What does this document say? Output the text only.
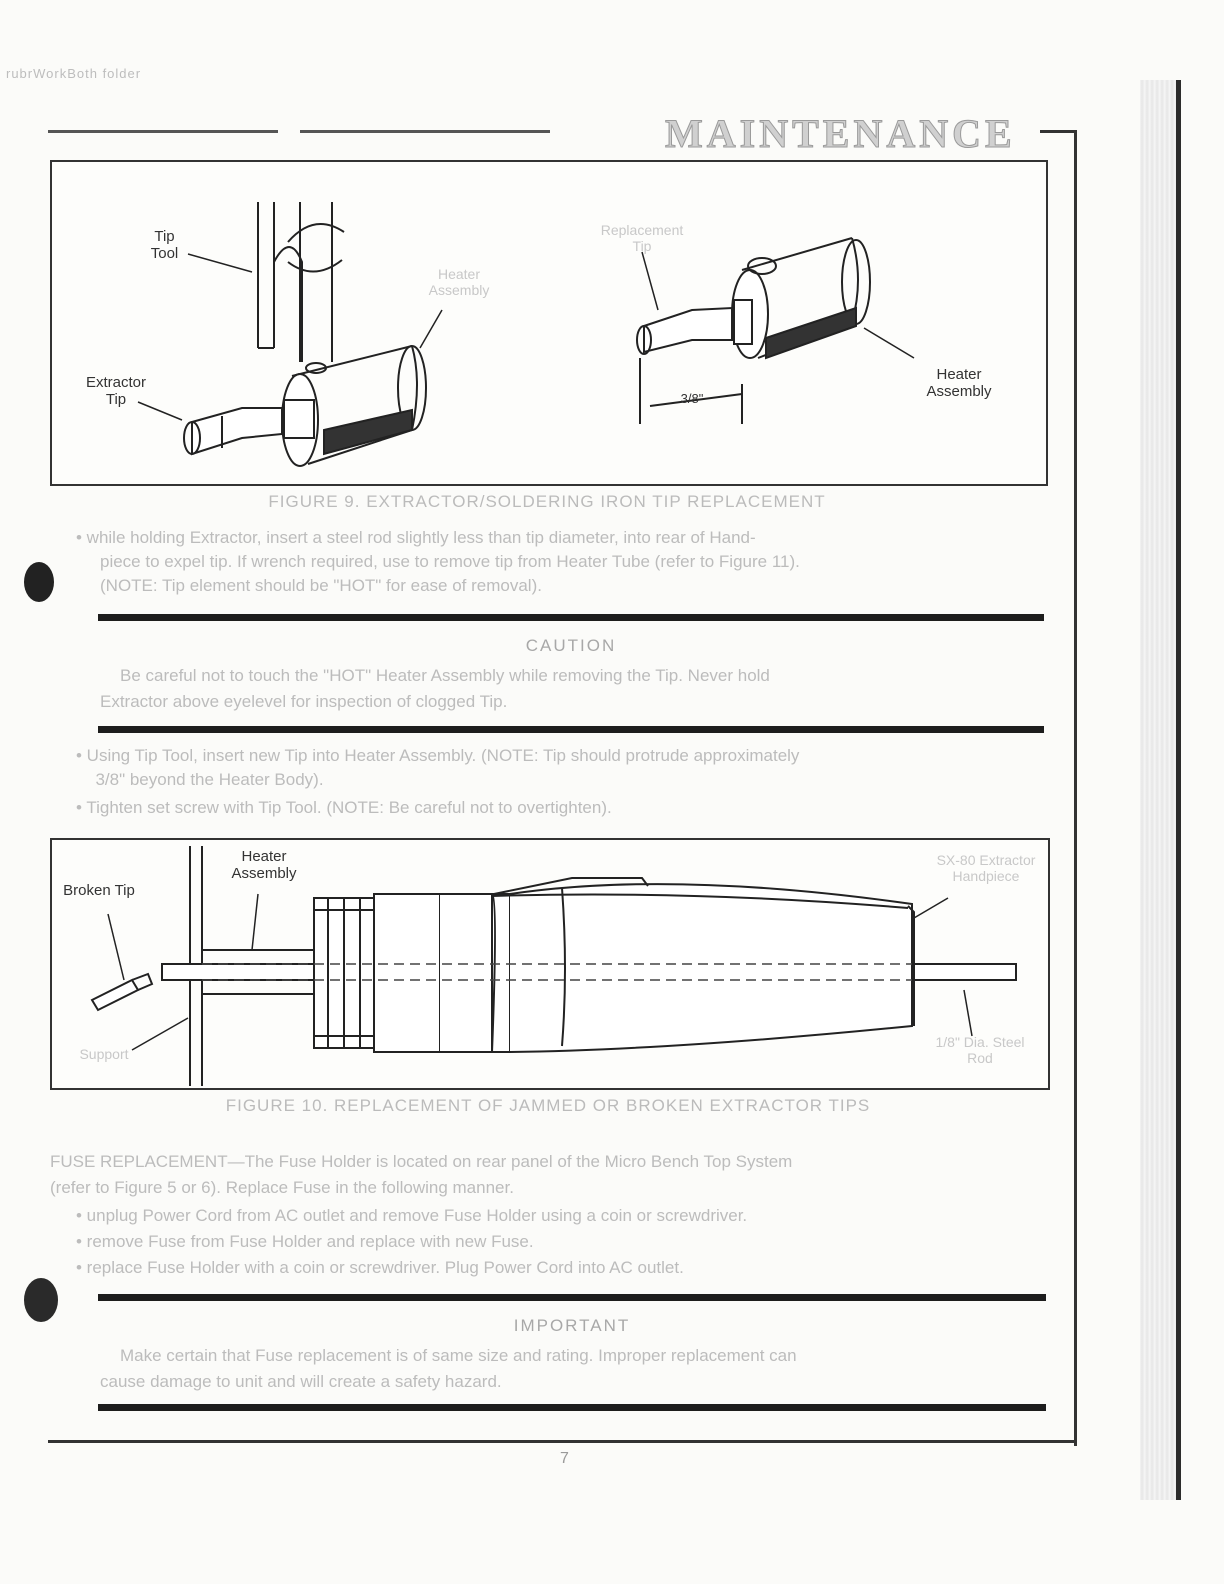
rubrWorkBoth folder
MAINTENANCE
Tip Tool
Heater Assembly
Extractor Tip
Replacement Tip
3/8"
Heater Assembly
FIGURE 9. EXTRACTOR/SOLDERING IRON TIP REPLACEMENT
• while holding Extractor, insert a steel rod slightly less than tip diameter, into rear of Hand-
piece to expel tip. If wrench required, use to remove tip from Heater Tube (refer to Figure 11).
(NOTE: Tip element should be "HOT" for ease of removal).
CAUTION
Be careful not to touch the "HOT" Heater Assembly while removing the Tip. Never hold
Extractor above eyelevel for inspection of clogged Tip.
• Using Tip Tool, insert new Tip into Heater Assembly. (NOTE: Tip should protrude approximately
3/8" beyond the Heater Body).
• Tighten set screw with Tip Tool. (NOTE: Be careful not to overtighten).
Broken Tip
Heater Assembly
SX-80 Extractor Handpiece
Support
1/8" Dia. Steel Rod
FIGURE 10. REPLACEMENT OF JAMMED OR BROKEN EXTRACTOR TIPS
FUSE REPLACEMENT—The Fuse Holder is located on rear panel of the Micro Bench Top System
(refer to Figure 5 or 6). Replace Fuse in the following manner.
• unplug Power Cord from AC outlet and remove Fuse Holder using a coin or screwdriver.
• remove Fuse from Fuse Holder and replace with new Fuse.
• replace Fuse Holder with a coin or screwdriver. Plug Power Cord into AC outlet.
IMPORTANT
Make certain that Fuse replacement is of same size and rating. Improper replacement can
cause damage to unit and will create a safety hazard.
7
